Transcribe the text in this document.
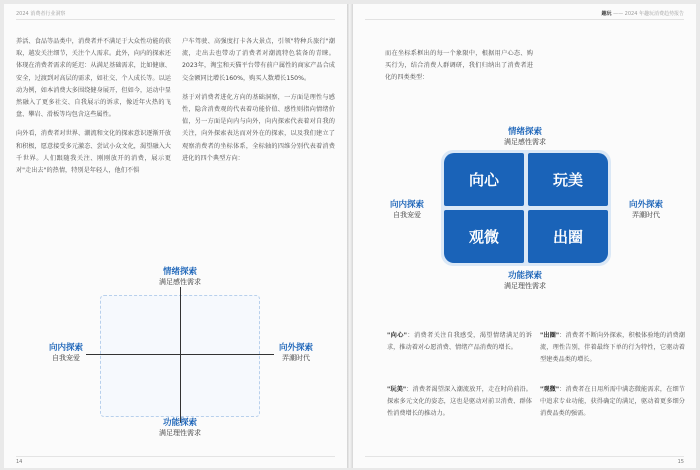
2024 消费者行业洞察

养活、食品等品类中，消费者并不满足于大众性功能的获取，越发关注细节，关注个人需求。此外，向内的探索还体现在消费者需求的延迟：从满足基础需求，比如健康、安全，过渡到对高层的需求，如社交、个人成长等。以运动为例，如本消费大多围绕健身展开，但如今，运动中显然融入了更多社交、自我展示的诉求，像近年火热的飞盘、攀岩、滑板等均包含这些属性。

向外看，消费者对世界、潮流和文化的探索意识逐渐开放和积极，愿意接受多元激态、尝试小众文化，渴望融入大千世界。人们跟随我关注、刚刚放开的消费，展示更对"走出去"的热情，特别是年轻人，他们不惧

户车驾驶、高强度打卡各大景点，引领"特种兵旅行"潮流，走出去也带动了消费者对潮流特色装备的青睐。2023年，淘宝和天猫平台带有前户属性的商家产品合成交金额同比增长160%，购买人数增长150%。

基于对消费者进化方向的基础洞察，一方面是理性与感性，隐含消费观的代表着功能价值、感性则指向情绪价值，另一方面是向内与向外，向内探索代表着对自我的关注，向外探索表达而对外在的探索，以及我们建立了观察消费者的坐标体系，全标轴的四维分别代表着消费进化的四个典型方向：

情绪探索
满足感性需求
功能探索
满足理性需求
向内探索
自我宠爱
向外探索
弄潮时代
14
趣玩 —— 2024 年趣玩消费趋势报告
而在坐标系框出的每一个象限中，根据用户心态、购买行为，结合消费人群调研，我们归纳出了消费者进化的四类类型：
情绪探索
满足感性需求
向心	玩美
观微	出圈
功能探索
满足理性需求
向内探索
自我宠爱
向外探索
弄潮时代
"向心"：消费者关注自我感受，渴望情绪满足的诉求，推动着对心愿消费、情绪产品消费的增长。
"玩美"：消费者渴望深入潮流放开，走在时尚前沿。探索多元文化的姿态，这也是驱动对前卫消费、群体性消费增长的推动力。
"出圈"：消费者不断向外探索，积极体验地的消费潮流，理性告别，伴着最终下单的行为特性，它驱动着型建类品类的增长。
"观微"：消费者在日用所需中满态微能需求，在细节中追求专业功能，获得确定的满足，驱动着更多细分消费品类的强需。
15
